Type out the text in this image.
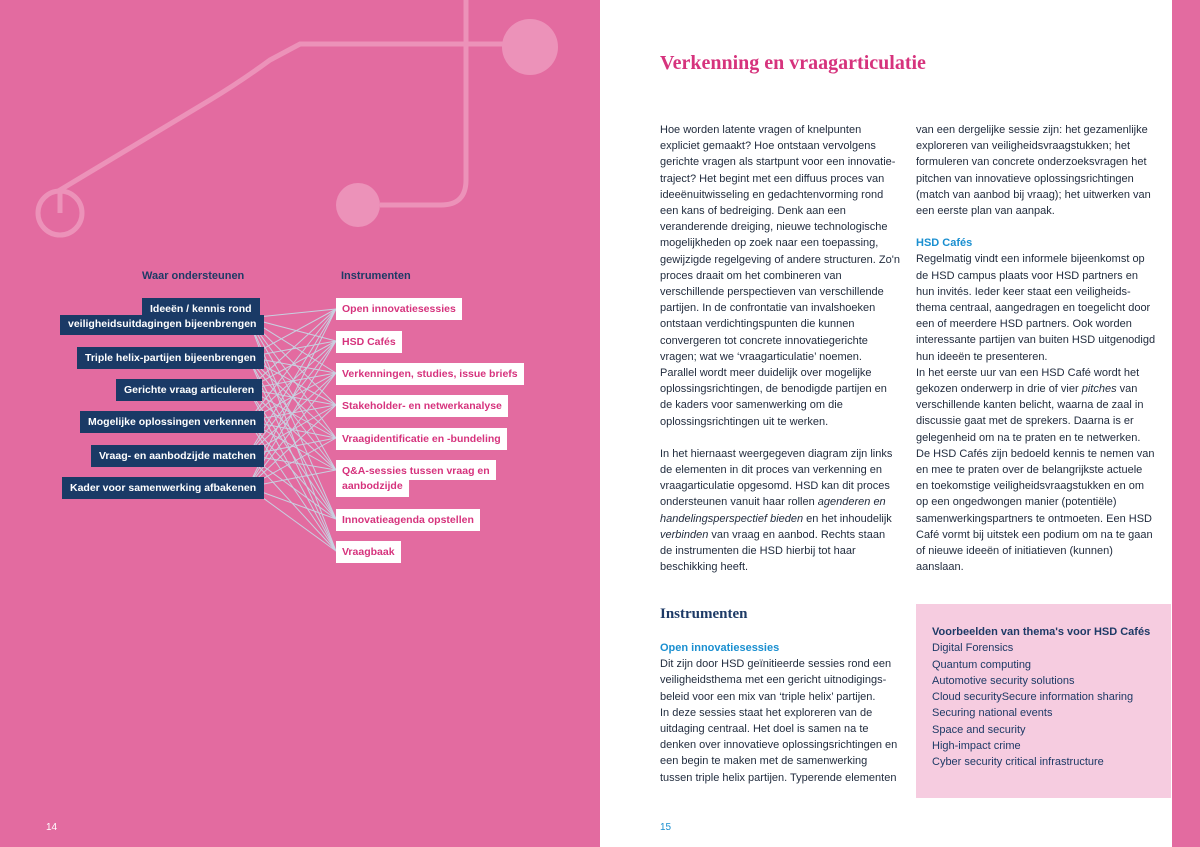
Waar ondersteunen	Instrumenten
Ideeën / kennis rond
veiligheidsuitdagingen bijeenbrengen
Triple helix-partijen bijeenbrengen
Gerichte vraag articuleren
Mogelijke oplossingen verkennen
Vraag- en aanbodzijde matchen
Kader voor samenwerking afbakenen
Open innovatiesessies
HSD Cafés
Verkenningen, studies, issue briefs
Stakeholder- en netwerkanalyse
Vraagidentificatie en -bundeling
Q&A-sessies tussen vraag en
aanbodzijde
Innovatieagenda opstellen
Vraagbaak
14
Verkenning en vraagarticulatie

Hoe worden latente vragen of knelpunten expliciet gemaakt? Hoe ontstaan vervolgens gerichte vragen als startpunt voor een innovatie-traject? Het begint met een diffuus proces van ideeënuitwisseling en gedachtenvorming rond een kans of bedreiging. Denk aan een veranderende dreiging, nieuwe technologische mogelijkheden op zoek naar een toepassing, gewijzigde regelgeving of andere structuren. Zo'n proces draait om het combineren van verschillende perspectieven van verschillende partijen. In de confrontatie van invalshoeken ontstaan verdichtingspunten die kunnen convergeren tot concrete innovatiegerichte vragen; wat we ‘vraagarticulatie’ noemen. Parallel wordt meer duidelijk over mogelijke oplossingsrichtingen, de benodigde partijen en de kaders voor samenwerking om die oplossingsrichtingen uit te werken.

In het hiernaast weergegeven diagram zijn links de elementen in dit proces van verkenning en vraagarticulatie opgesomd. HSD kan dit proces ondersteunen vanuit haar rollen agenderen en handelingsperspectief bieden en het inhoudelijk verbinden van vraag en aanbod. Rechts staan de instrumenten die HSD hierbij tot haar beschikking heeft.

van een dergelijke sessie zijn: het gezamenlijke exploreren van veiligheidsvraagstukken; het formuleren van concrete onderzoeksvragen het pitchen van innovatieve oplossingsrichtingen (match van aanbod bij vraag); het uitwerken van een eerste plan van aanpak.

HSD Cafés
Regelmatig vindt een informele bijeenkomst op de HSD campus plaats voor HSD partners en hun invités. Ieder keer staat een veiligheids-thema centraal, aangedragen en toegelicht door een of meerdere HSD partners. Ook worden interessante partijen van buiten HSD uitgenodigd hun ideeën te presenteren.
In het eerste uur van een HSD Café wordt het gekozen onderwerp in drie of vier pitches van verschillende kanten belicht, waarna de zaal in discussie gaat met de sprekers. Daarna is er gelegenheid om na te praten en te netwerken. De HSD Cafés zijn bedoeld kennis te nemen van en mee te praten over de belangrijkste actuele en toekomstige veiligheidsvraagstukken en om op een ongedwongen manier (potentiële) samenwerkingspartners te ontmoeten. Een HSD Café vormt bij uitstek een podium om na te gaan of nieuwe ideeën of initiatieven (kunnen) aanslaan.
Instrumenten
Open innovatiesessies
Dit zijn door HSD geïnitieerde sessies rond een veiligheidsthema met een gericht uitnodigings-beleid voor een mix van ‘triple helix’ partijen.
In deze sessies staat het exploreren van de uitdaging centraal. Het doel is samen na te denken over innovatieve oplossingsrichtingen en een begin te maken met de samenwerking tussen triple helix partijen. Typerende elementen
Voorbeelden van thema's voor HSD Cafés
Digital Forensics
Quantum computing
Automotive security solutions
Cloud securitySecure information sharing
Securing national events
Space and security
High-impact crime
Cyber security critical infrastructure
15
